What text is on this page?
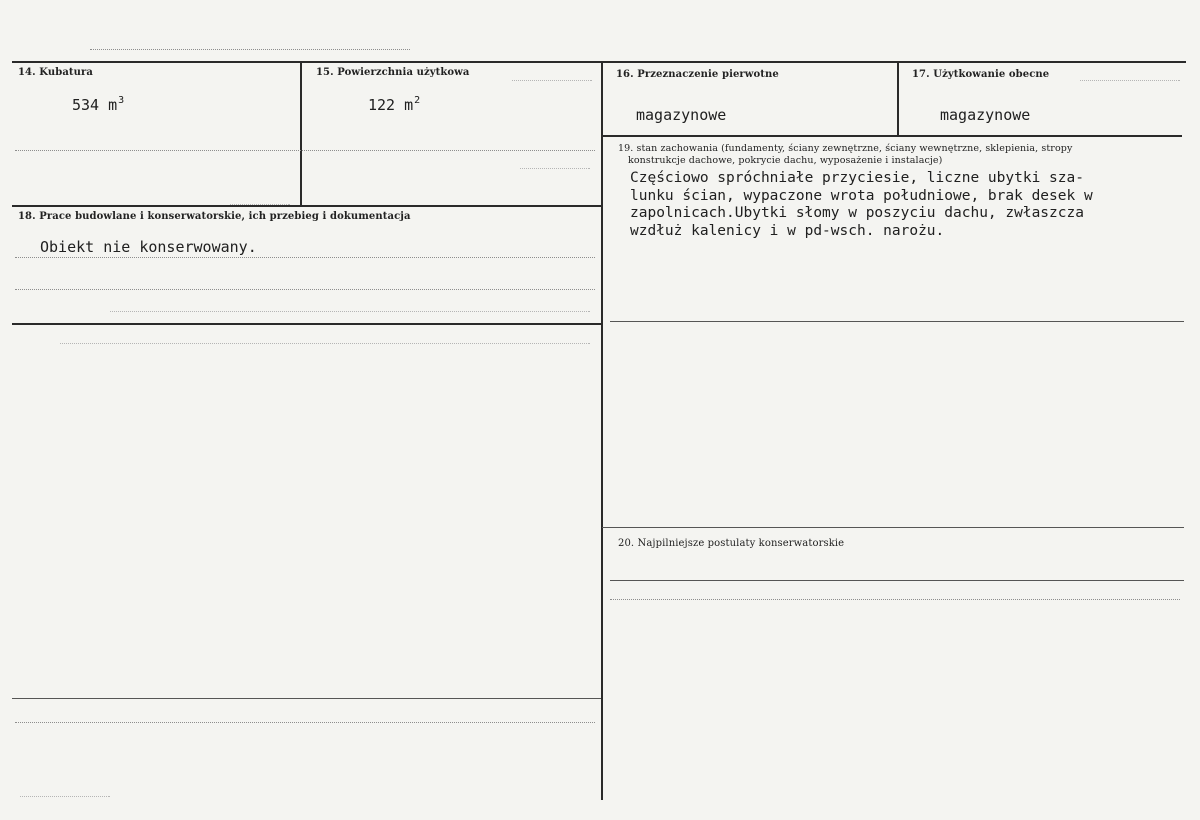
14. Kubatura
534 $m^3$
15. Powierzchnia użytkowa
122 $m^2$
16. Przeznaczenie pierwotne
magazynowe
17. Użytkowanie obecne
magazynowe
18. Prace budowlane i konserwatorskie, ich przebieg i dokumentacja
Obiekt nie konserwowany.
19. stan zachowania (fundamenty, ściany zewnętrzne, ściany wewnętrzne, sklepienia, stropy
konstrukcje dachowe, pokrycie dachu, wyposażenie i instalacje)
Częściowo spróchniałe przyciesie, liczne ubytki sza-
lunku ścian, wypaczone wrota południowe, brak desek w
zapolnicach.Ubytki słomy w poszyciu dachu, zwłaszcza
wzdłuż kalenicy i w pd-wsch. narożu.
20. Najpilniejsze postulaty konserwatorskie
